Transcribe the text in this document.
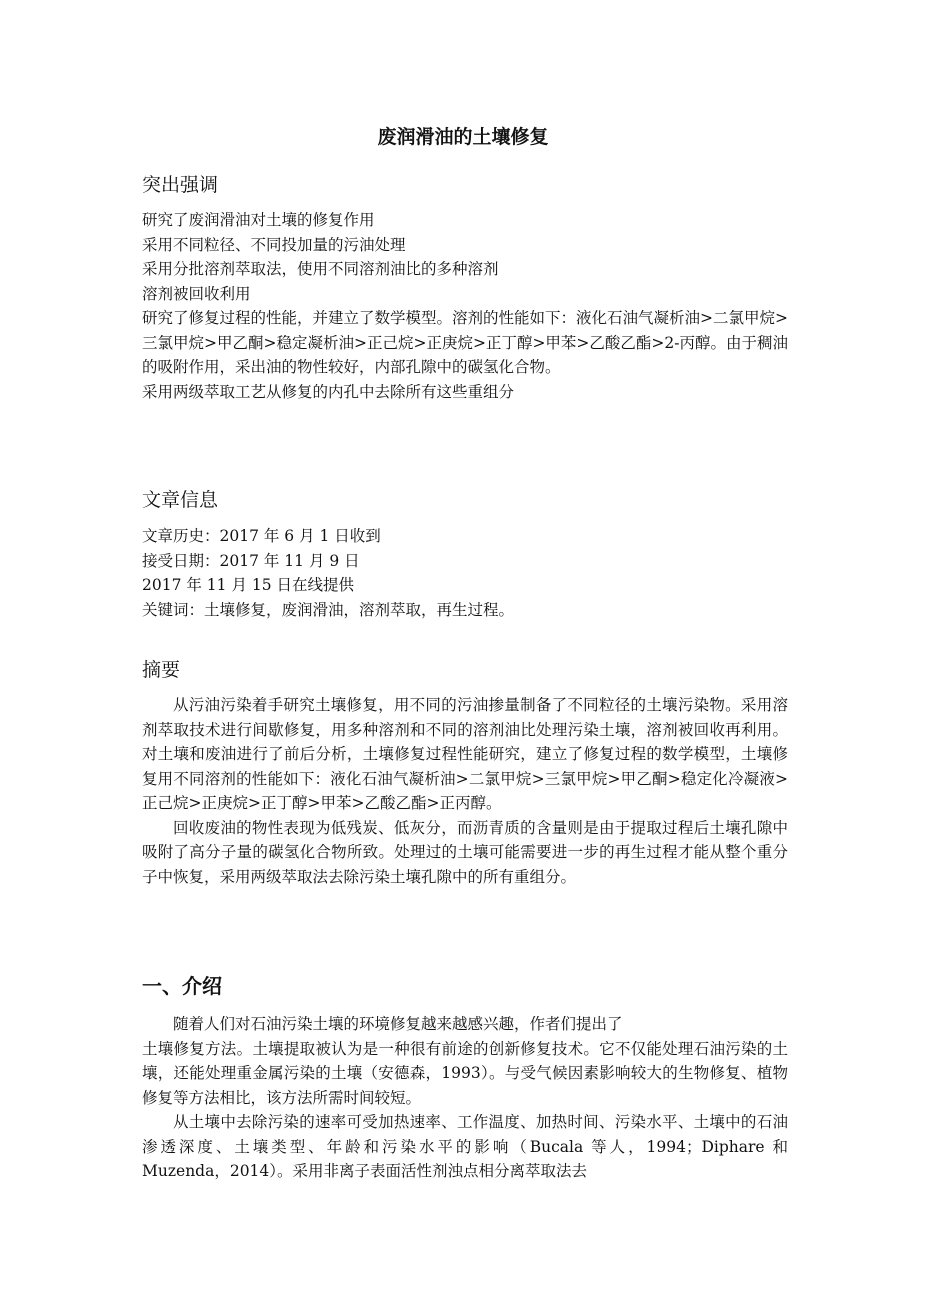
废润滑油的土壤修复

突出强调

研究了废润滑油对土壤的修复作用

采用不同粒径、不同投加量的污油处理

采用分批溶剂萃取法，使用不同溶剂油比的多种溶剂

溶剂被回收利用

研究了修复过程的性能，并建立了数学模型。溶剂的性能如下：液化石油气凝析油>二氯甲烷>三氯甲烷>甲乙酮>稳定凝析油>正己烷>正庚烷>正丁醇>甲苯>乙酸乙酯>2-丙醇。由于稠油的吸附作用，采出油的物性较好，内部孔隙中的碳氢化合物。

采用两级萃取工艺从修复的内孔中去除所有这些重组分

文章信息

文章历史：2017 年 6 月 1 日收到

接受日期：2017 年 11 月 9 日

2017 年 11 月 15 日在线提供

关键词：土壤修复，废润滑油，溶剂萃取，再生过程。

摘要

从污油污染着手研究土壤修复，用不同的污油掺量制备了不同粒径的土壤污染物。采用溶剂萃取技术进行间歇修复，用多种溶剂和不同的溶剂油比处理污染土壤，溶剂被回收再利用。对土壤和废油进行了前后分析，土壤修复过程性能研究，建立了修复过程的数学模型，土壤修复用不同溶剂的性能如下：液化石油气凝析油>二氯甲烷>三氯甲烷>甲乙酮>稳定化冷凝液>正己烷>正庚烷>正丁醇>甲苯>乙酸乙酯>正丙醇。

回收废油的物性表现为低残炭、低灰分，而沥青质的含量则是由于提取过程后土壤孔隙中吸附了高分子量的碳氢化合物所致。处理过的土壤可能需要进一步的再生过程才能从整个重分子中恢复，采用两级萃取法去除污染土壤孔隙中的所有重组分。

一、介绍

随着人们对石油污染土壤的环境修复越来越感兴趣，作者们提出了

土壤修复方法。土壤提取被认为是一种很有前途的创新修复技术。它不仅能处理石油污染的土壤，还能处理重金属污染的土壤（安德森，1993）。与受气候因素影响较大的生物修复、植物修复等方法相比，该方法所需时间较短。

从土壤中去除污染的速率可受加热速率、工作温度、加热时间、污染水平、土壤中的石油渗透深度、土壤类型、年龄和污染水平的影响（Bucala 等人，1994；Diphare 和 Muzenda，2014）。采用非离子表面活性剂浊点相分离萃取法去
